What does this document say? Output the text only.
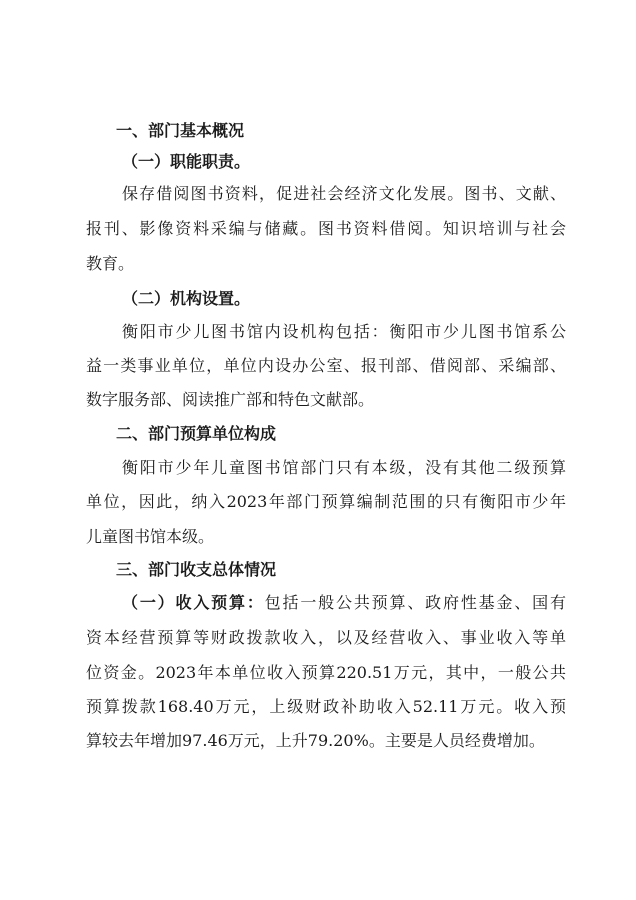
一、部门基本概况
（一）职能职责。
保存借阅图书资料，促进社会经济文化发展。图书、文献、
报刊、影像资料采编与储藏。图书资料借阅。知识培训与社会
教育。
（二）机构设置。
衡阳市少儿图书馆内设机构包括：衡阳市少儿图书馆系公
益一类事业单位，单位内设办公室、报刊部、借阅部、采编部、
数字服务部、阅读推广部和特色文献部。
二、部门预算单位构成
衡阳市少年儿童图书馆部门只有本级，没有其他二级预算
单位，因此，纳入2023年部门预算编制范围的只有衡阳市少年
儿童图书馆本级。
三、部门收支总体情况
（一）收入预算：包括一般公共预算、政府性基金、国有
资本经营预算等财政拨款收入，以及经营收入、事业收入等单
位资金。2023年本单位收入预算220.51万元，其中，一般公共
预算拨款168.40万元，上级财政补助收入52.11万元。收入预
算较去年增加97.46万元，上升79.20%。主要是人员经费增加。
